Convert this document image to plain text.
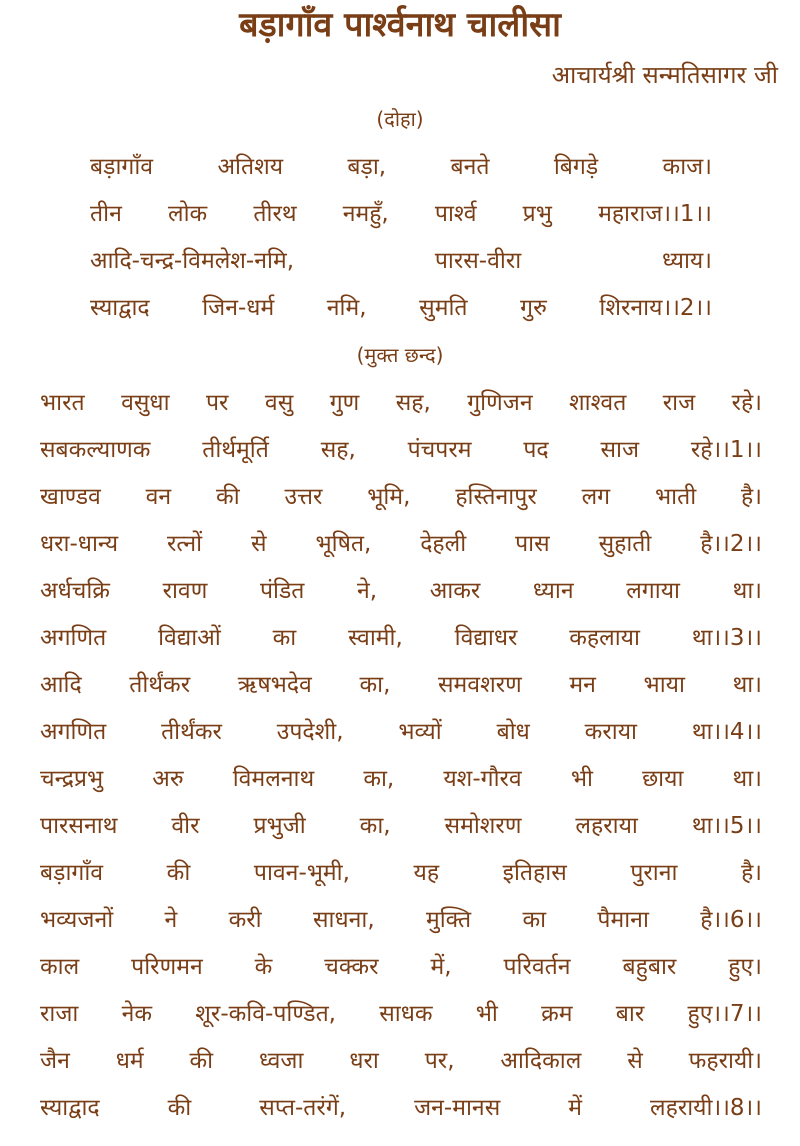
बड़ागाँव पार्श्वनाथ चालीसा
आचार्यश्री सन्मतिसागर जी
(दोहा)
बड़ागाँव	अतिशय	बड़ा,	बनते	बिगड़े	काज।
तीन लोक तीरथ नमहुँ, पार्श्व प्रभु महाराज।।1।।
आदि-चन्द्र-विमलेश-नमि,	पारस-वीरा	ध्याय।
स्याद्वाद जिन-धर्म नमि, सुमति गुरु शिरनाय।।2।।
(मुक्त छन्द)
भारत वसुधा पर वसु गुण सह, गुणिजन शाश्वत राज रहे।
सबकल्याणक तीर्थमूर्ति सह, पंचपरम पद साज रहे।।1।।
खाण्डव वन की उत्तर भूमि, हस्तिनापुर लग भाती है।
धरा-धान्य रत्नों से भूषित, देहली पास सुहाती है।।2।।
अर्धचक्रि रावण पंडित ने, आकर ध्यान लगाया था।
अगणित विद्याओं का स्वामी, विद्याधर कहलाया था।।3।।
आदि तीर्थंकर ऋषभदेव का, समवशरण मन भाया था।
अगणित तीर्थंकर उपदेशी, भव्यों बोध कराया था।।4।।
चन्द्रप्रभु अरु विमलनाथ का, यश-गौरव भी छाया था।
पारसनाथ वीर प्रभुजी का, समोशरण लहराया था।।5।।
बड़ागाँव	की	पावन-भूमी,	यह	इतिहास	पुराना	है।
भव्यजनों ने करी साधना, मुक्ति का पैमाना है।।6।।
काल परिणमन के चक्कर में, परिवर्तन बहुबार हुए।
राजा नेक शूर-कवि-पण्डित, साधक भी क्रम बार हुए।।7।।
जैन धर्म की ध्वजा धरा पर, आदिकाल से फहरायी।
स्याद्वाद	की	सप्त-तरंगें,	जन-मानस	में	लहरायी।।8।।
